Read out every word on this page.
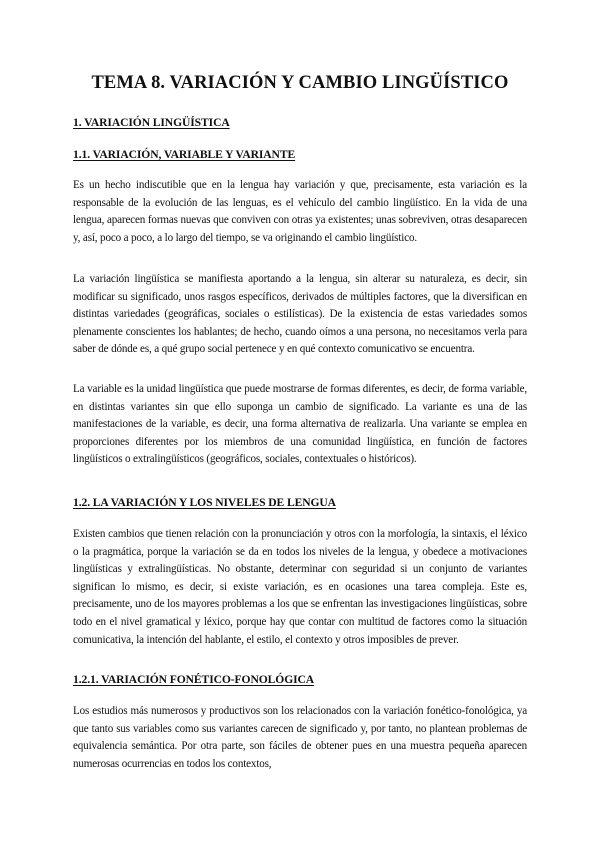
TEMA 8. VARIACIÓN Y CAMBIO LINGÜÍSTICO
1. VARIACIÓN LINGÜÍSTICA
1.1. VARIACIÓN, VARIABLE Y VARIANTE

Es un hecho indiscutible que en la lengua hay variación y que, precisamente, esta variación es la responsable de la evolución de las lenguas, es el vehículo del cambio lingüístico. En la vida de una lengua, aparecen formas nuevas que conviven con otras ya existentes; unas sobreviven, otras desaparecen y, así, poco a poco, a lo largo del tiempo, se va originando el cambio lingüístico.

La variación lingüística se manifiesta aportando a la lengua, sin alterar su naturaleza, es decir, sin modificar su significado, unos rasgos específicos, derivados de múltiples factores, que la diversifican en distintas variedades (geográficas, sociales o estilísticas). De la existencia de estas variedades somos plenamente conscientes los hablantes; de hecho, cuando oímos a una persona, no necesitamos verla para saber de dónde es, a qué grupo social pertenece y en qué contexto comunicativo se encuentra.

La variable es la unidad lingüística que puede mostrarse de formas diferentes, es decir, de forma variable, en distintas variantes sin que ello suponga un cambio de significado. La variante es una de las manifestaciones de la variable, es decir, una forma alternativa de realizarla. Una variante se emplea en proporciones diferentes por los miembros de una comunidad lingüística, en función de factores lingüísticos o extralingüísticos (geográficos, sociales, contextuales o históricos).

1.2. LA VARIACIÓN Y LOS NIVELES DE LENGUA

Existen cambios que tienen relación con la pronunciación y otros con la morfología, la sintaxis, el léxico o la pragmática, porque la variación se da en todos los niveles de la lengua, y obedece a motivaciones lingüísticas y extralingüísticas. No obstante, determinar con seguridad si un conjunto de variantes significan lo mismo, es decir, si existe variación, es en ocasiones una tarea compleja. Este es, precisamente, uno de los mayores problemas a los que se enfrentan las investigaciones lingüísticas, sobre todo en el nivel gramatical y léxico, porque hay que contar con multitud de factores como la situación comunicativa, la intención del hablante, el estilo, el contexto y otros imposibles de prever.

1.2.1. VARIACIÓN FONÉTICO-FONOLÓGICA

Los estudios más numerosos y productivos son los relacionados con la variación fonético-fonológica, ya que tanto sus variables como sus variantes carecen de significado y, por tanto, no plantean problemas de equivalencia semántica. Por otra parte, son fáciles de obtener pues en una muestra pequeña aparecen numerosas ocurrencias en todos los contextos,
